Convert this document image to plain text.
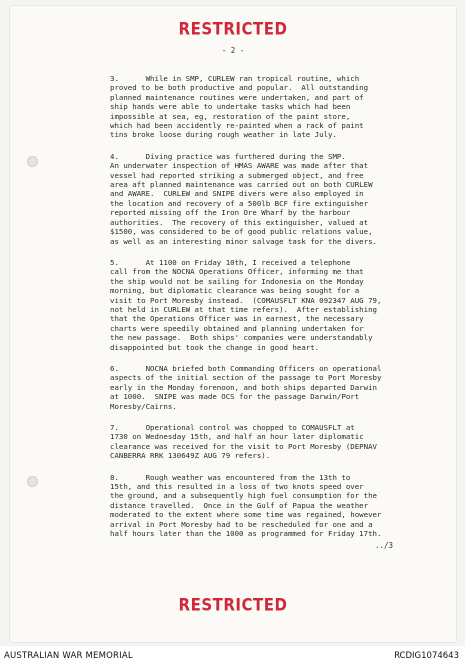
RESTRICTED
- 2 -
3.      While in SMP, CURLEW ran tropical routine, which
proved to be both productive and popular.  All outstanding
planned maintenance routines were undertaken, and part of
ship hands were able to undertake tasks which had been
impossible at sea, eg, restoration of the paint store,
which had been accidently re-painted when a rack of paint
tins broke loose during rough weather in late July.
4.      Diving practice was furthered during the SMP.
An underwater inspection of HMAS AWARE was made after that
vessel had reported striking a submerged object, and free
area aft planned maintenance was carried out on both CURLEW
and AWARE.  CURLEW and SNIPE divers were also employed in
the location and recovery of a 500lb BCF fire extinguisher
reported missing off the Iron Ore Wharf by the harbour
authorities.  The recovery of this extinguisher, valued at
$1500, was considered to be of good public relations value,
as well as an interesting minor salvage task for the divers.
5.      At 1100 on Friday 10th, I received a telephone
call from the NOCNA Operations Officer, informing me that
the ship would not be sailing for Indonesia on the Monday
morning, but diplomatic clearance was being sought for a
visit to Port Moresby instead.  (COMAUSFLT KNA 092347 AUG 79,
not held in CURLEW at that time refers).  After establishing
that the Operations Officer was in earnest, the necessary
charts were speedily obtained and planning undertaken for
the new passage.  Both ships' companies were understandably
disappointed but took the change in good heart.
6.      NOCNA briefed both Commanding Officers on operational
aspects of the initial section of the passage to Port Moresby
early in the Monday forenoon, and both ships departed Darwin
at 1000.  SNIPE was made OCS for the passage Darwin/Port
Moresby/Cairns.
7.      Operational control was chopped to COMAUSFLT at
1730 on Wednesday 15th, and half an hour later diplomatic
clearance was received for the visit to Port Moresby (DEPNAV
CANBERRA RRK 130649Z AUG 79 refers).
8.      Rough weather was encountered from the 13th to
15th, and this resulted in a loss of two knots speed over
the ground, and a subsequently high fuel consumption for the
distance travelled.  Once in the Gulf of Papua the weather
moderated to the extent where some time was regained, however
arrival in Port Moresby had to be rescheduled for one and a
half hours later than the 1000 as programmed for Friday 17th.
../3
RESTRICTED
AUSTRALIAN WAR MEMORIAL	RCDIG1074643
